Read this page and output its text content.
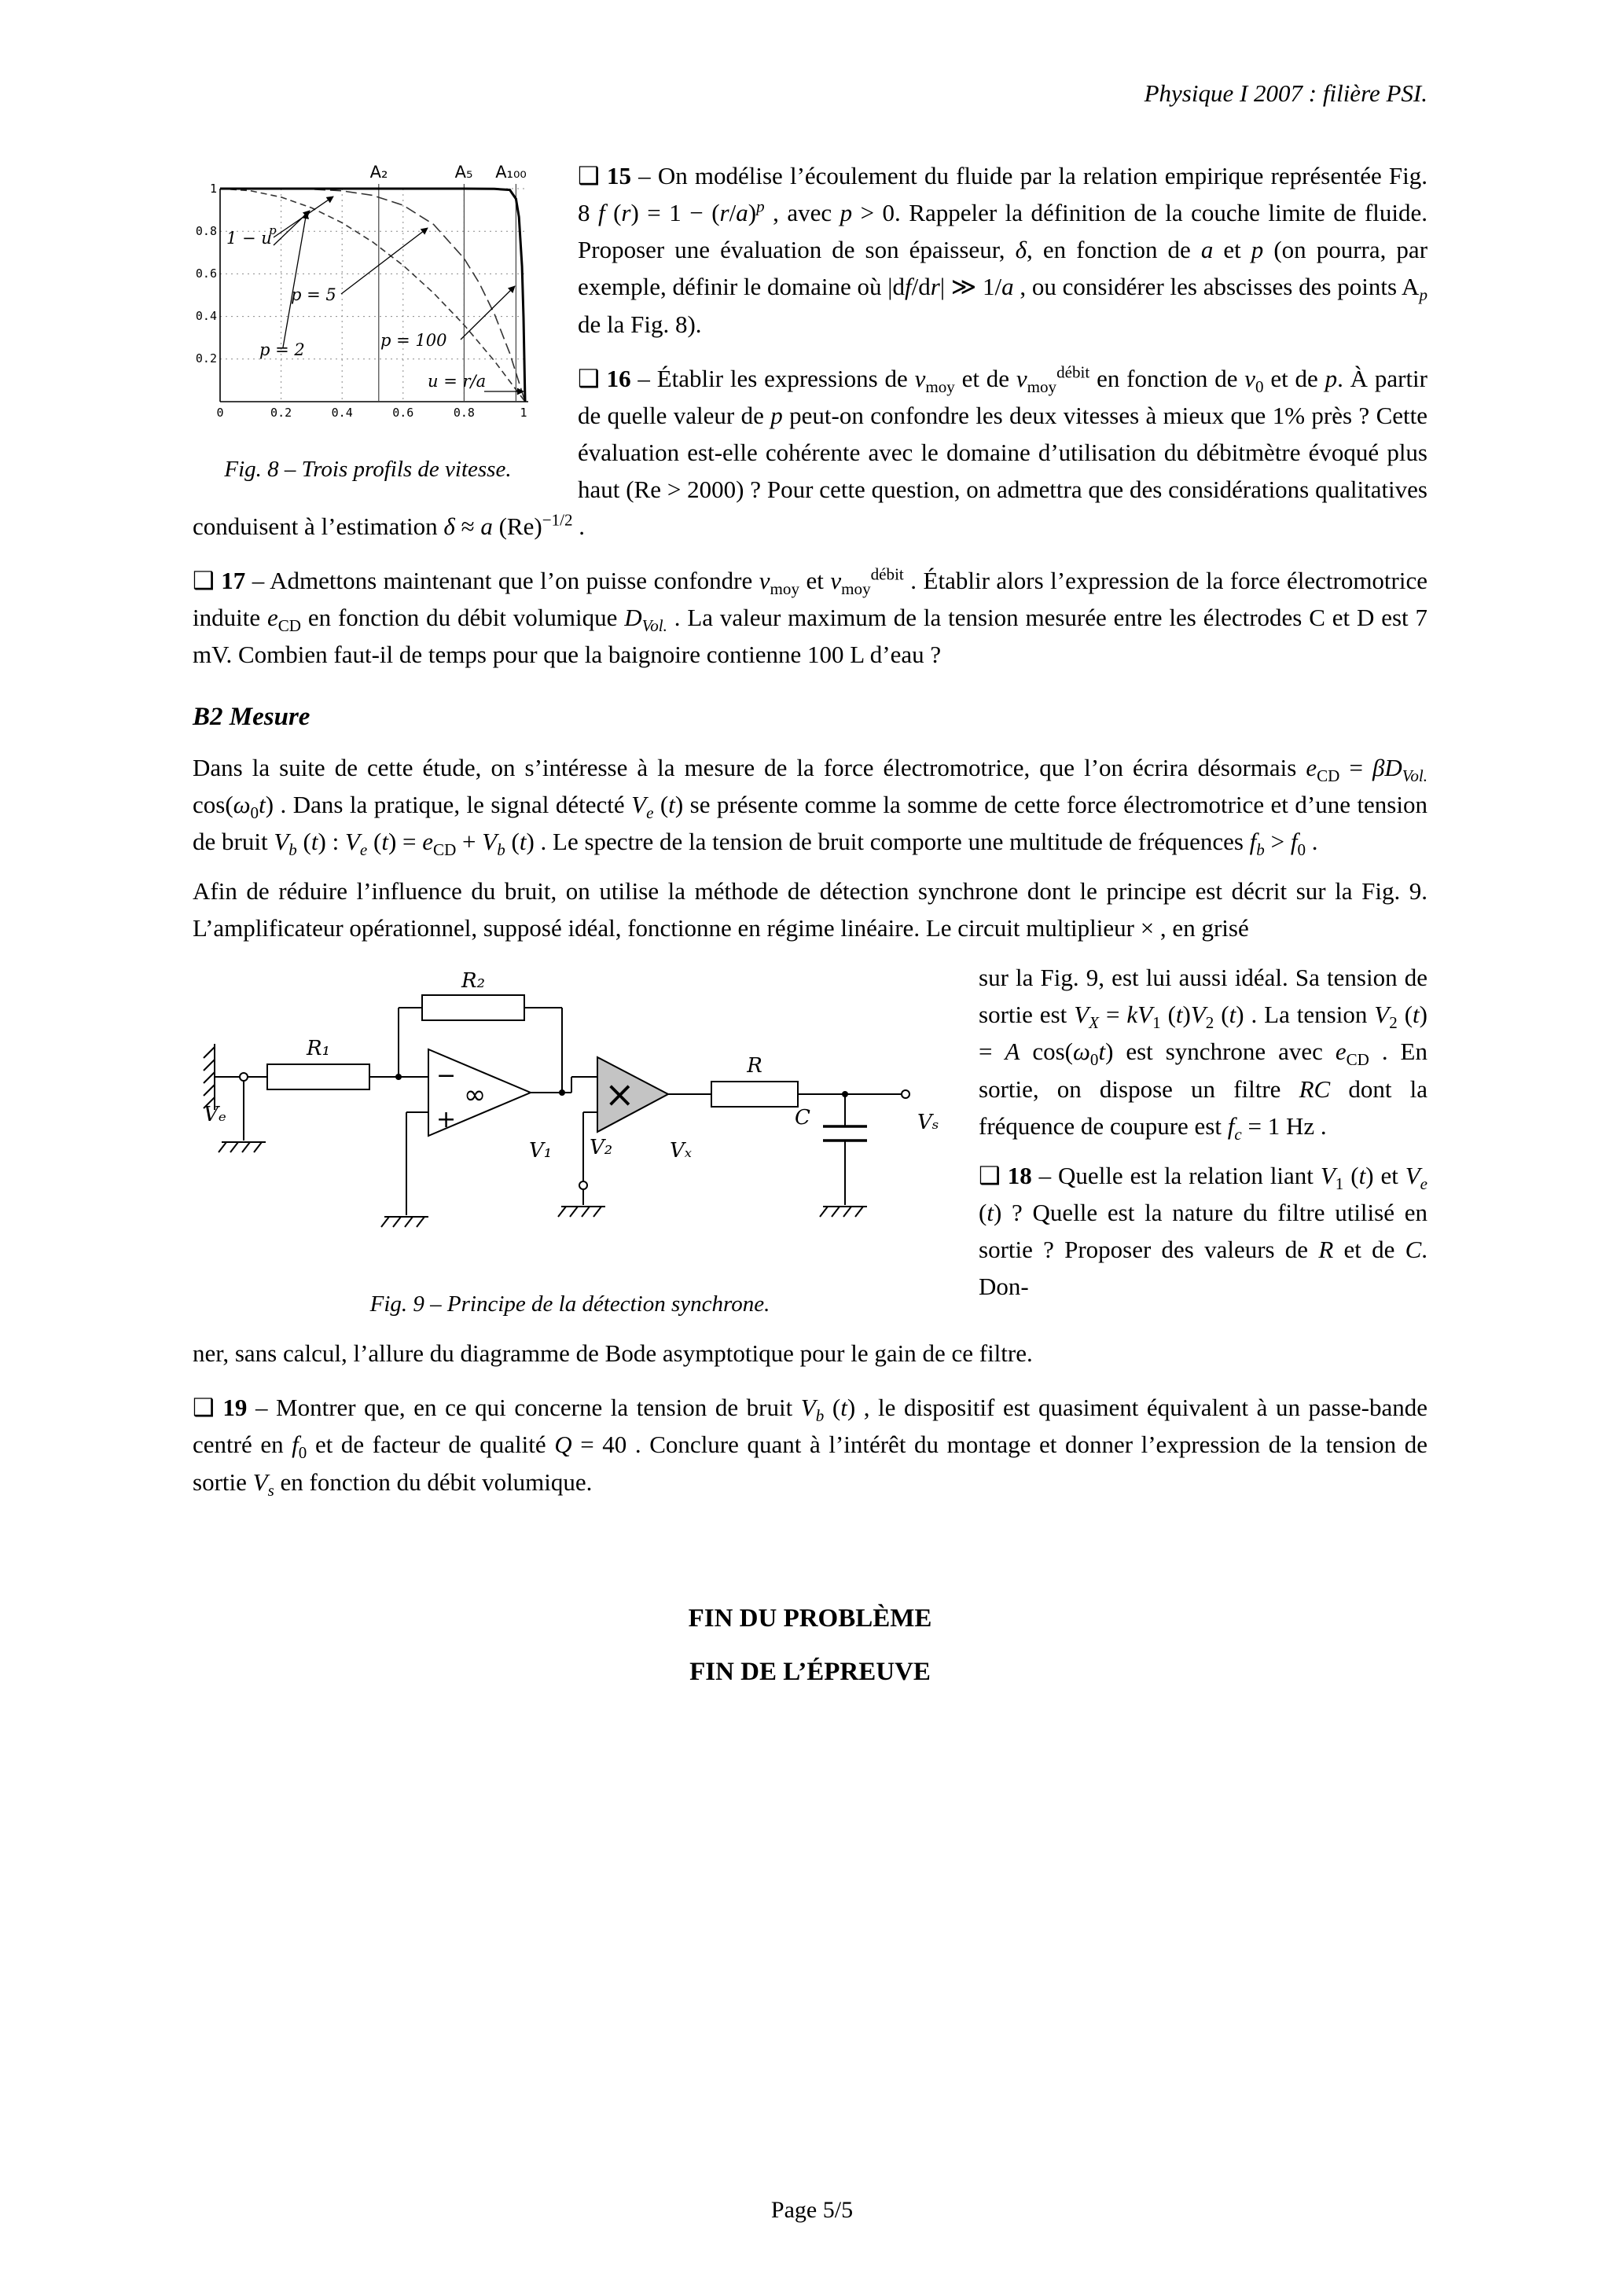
Physique I 2007 : filière PSI.
A₂	A₅ A₁₀₀
1 − u
p
p = 5
p = 2	p = 100
u = r/a
0	0.2	0.4	0.6	0.8	1
1
0.8
0.6
0.4
0.2
Fig. 8 – Trois profils de vitesse.

❑ 15 – On modélise l’écoulement du fluide par la relation empirique représentée Fig. 8 f $(r) = 1 - (r/a)^p$ , avec p > 0. Rappeler la définition de la couche limite de fluide. Proposer une évaluation de son épaisseur, δ, en fonction de a et p (on pourra, par exemple, définir le domaine où |df/dr| ≫ 1/a , ou considérer les abscisses des points $A_p$ de la Fig. 8).

❑ 16 – Établir les expressions de $v_{moy}$ et de $v_{moy}^{débit}$ en fonction de $v_0$ et de p. À partir de quelle valeur de p peut-on confondre les deux vitesses à mieux que 1% près ? Cette évaluation est-elle cohérente avec le domaine d’utilisation du débitmètre évoqué plus haut (Re > 2000) ? Pour cette question, on admettra que des considérations qualitatives conduisent à l’estimation δ ≈ a $(Re)^{-1/2}$ .

❑ 17 – Admettons maintenant que l’on puisse confondre $v_{moy}$ et $v_{moy}^{débit}$ . Établir alors l’expression de la force électromotrice induite $e_{CD}$ en fonction du débit volumique $D_{Vol.}$ . La valeur maximum de la tension mesurée entre les électrodes C et D est 7 mV. Combien faut-il de temps pour que la baignoire contienne 100 L d’eau ?

B2 Mesure

Dans la suite de cette étude, on s’intéresse à la mesure de la force électromotrice, que l’on écrira désormais $e_{CD} = \beta D_{Vol.}$ $\cos(\omega_0t)$ . Dans la pratique, le signal détecté $V_e$ (t) se présente comme la somme de cette force électromotrice et d’une tension de bruit $V_b$ (t) : $V_e$ $(t) = e_{CD} + V_b$ (t) . Le spectre de la tension de bruit comporte une multitude de fréquences $f_b > f_0$ .

Afin de réduire l’influence du bruit, on utilise la méthode de détection synchrone dont le principe est décrit sur la Fig. 9. L’amplificateur opérationnel, supposé idéal, fonctionne en régime linéaire. Le circuit multiplieur × , en grisé

R₁
R₂
R
C
Vₑ
V₁ V₂	Vₓ
Vₛ
−
+
∞	×
Fig. 9 – Principe de la détection synchrone.

sur la Fig. 9, est lui aussi idéal. Sa tension de sortie est $V_X = kV_1$ $(t)V_2$ (t) . La tension $V_2$ (t) = A $\cos(\omega_0t)$ est synchrone avec $e_{CD}$ . En sortie, on dispose un filtre RC dont la fréquence de coupure est $f_c = 1$ Hz .

❑ 18 – Quelle est la relation liant $V_1$ (t) et $V_e$ (t) ? Quelle est la nature du filtre utilisé en sortie ? Proposer des valeurs de R et de C. Don-

ner, sans calcul, l’allure du diagramme de Bode asymptotique pour le gain de ce filtre.

❑ 19 – Montrer que, en ce qui concerne la tension de bruit $V_b$ (t) , le dispositif est quasiment équivalent à un passe-bande centré en $f_0$ et de facteur de qualité Q = 40 . Conclure quant à l’intérêt du montage et donner l’expression de la tension de sortie $V_s$ en fonction du débit volumique.

FIN DU PROBLÈME
FIN DE L’ÉPREUVE
Page 5/5
